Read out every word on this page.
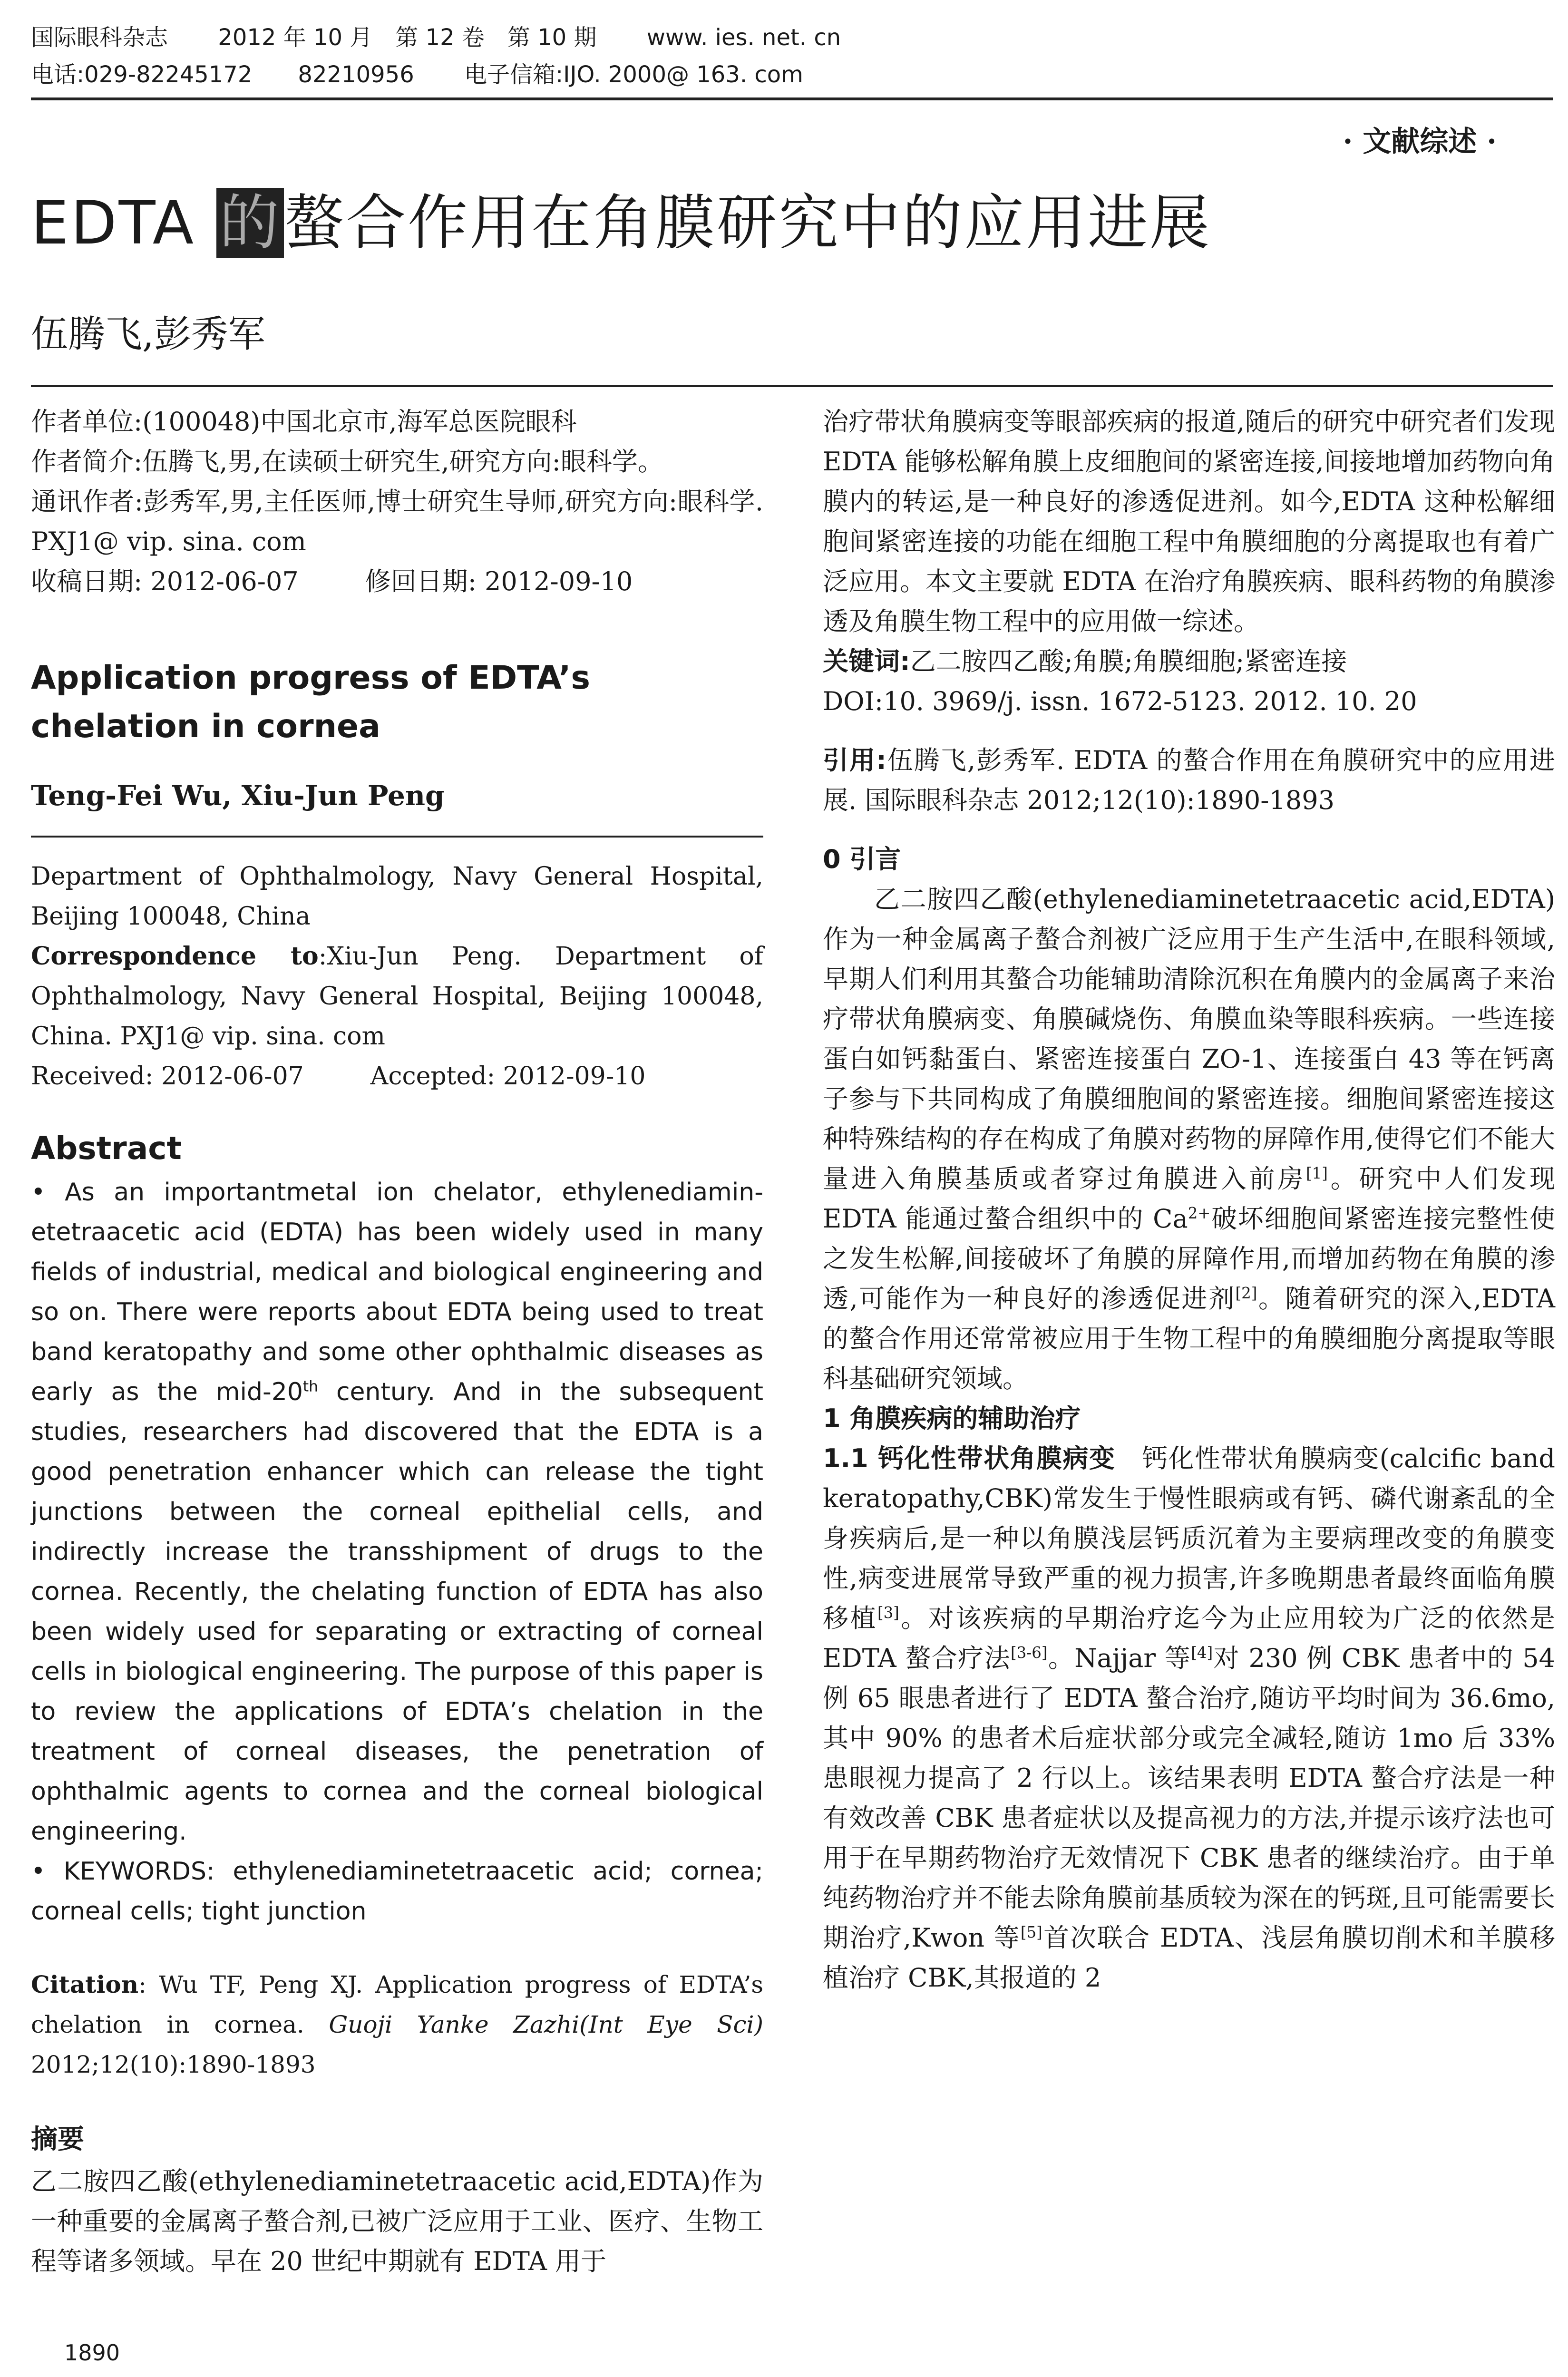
国际眼科杂志 2012 年 10 月　第 12 卷　第 10 期 www. ies. net. cn
电话:029-82245172　　82210956 电子信箱:IJO. 2000@ 163. com
· 文献综述 ·
EDTA 的螯合作用在角膜研究中的应用进展
伍腾飞,彭秀军

作者单位:(100048)中国北京市,海军总医院眼科

作者简介:伍腾飞,男,在读硕士研究生,研究方向:眼科学。

通讯作者:彭秀军,男,主任医师,博士研究生导师,研究方向:眼科学. PXJ1@ vip. sina. com

收稿日期: 2012-06-07	修回日期: 2012-09-10

Application progress of EDTA’s chelation in cornea

Teng-Fei Wu, Xiu-Jun Peng

Department of Ophthalmology, Navy General Hospital, Beijing 100048, China

Correspondence to:Xiu-Jun Peng. Department of Ophthalmology, Navy General Hospital, Beijing 100048, China. PXJ1@ vip. sina. com

Received: 2012-06-07	Accepted: 2012-09-10

Abstract

• As an importantmetal ion chelator, ethylenediamin-etetraacetic acid (EDTA) has been widely used in many fields of industrial, medical and biological engineering and so on. There were reports about EDTA being used to treat band keratopathy and some other ophthalmic diseases as early as the mid-20th century. And in the subsequent studies, researchers had discovered that the EDTA is a good penetration enhancer which can release the tight junctions between the corneal epithelial cells, and indirectly increase the transshipment of drugs to the cornea. Recently, the chelating function of EDTA has also been widely used for separating or extracting of corneal cells in biological engineering. The purpose of this paper is to review the applications of EDTA’s chelation in the treatment of corneal diseases, the penetration of ophthalmic agents to cornea and the corneal biological engineering.

• KEYWORDS: ethylenediaminetetraacetic acid; cornea; corneal cells; tight junction

Citation: Wu TF, Peng XJ. Application progress of EDTA’s chelation in cornea. Guoji Yanke Zazhi(Int Eye Sci) 2012;12(10):1890-1893

摘要

乙二胺四乙酸(ethylenediaminetetraacetic acid,EDTA)作为一种重要的金属离子螯合剂,已被广泛应用于工业、医疗、生物工程等诸多领域。早在 20 世纪中期就有 EDTA 用于

治疗带状角膜病变等眼部疾病的报道,随后的研究中研究者们发现 EDTA 能够松解角膜上皮细胞间的紧密连接,间接地增加药物向角膜内的转运,是一种良好的渗透促进剂。如今,EDTA 这种松解细胞间紧密连接的功能在细胞工程中角膜细胞的分离提取也有着广泛应用。本文主要就 EDTA 在治疗角膜疾病、眼科药物的角膜渗透及角膜生物工程中的应用做一综述。

关键词:乙二胺四乙酸;角膜;角膜细胞;紧密连接

DOI:10. 3969/j. issn. 1672-5123. 2012. 10. 20

引用:伍腾飞,彭秀军. EDTA 的螯合作用在角膜研究中的应用进展. 国际眼科杂志 2012;12(10):1890-1893

0 引言

乙二胺四乙酸(ethylenediaminetetraacetic acid,EDTA)作为一种金属离子螯合剂被广泛应用于生产生活中,在眼科领域,早期人们利用其螯合功能辅助清除沉积在角膜内的金属离子来治疗带状角膜病变、角膜碱烧伤、角膜血染等眼科疾病。一些连接蛋白如钙黏蛋白、紧密连接蛋白 ZO-1、连接蛋白 43 等在钙离子参与下共同构成了角膜细胞间的紧密连接。细胞间紧密连接这种特殊结构的存在构成了角膜对药物的屏障作用,使得它们不能大量进入角膜基质或者穿过角膜进入前房[1]。研究中人们发现 EDTA 能通过螯合组织中的 $Ca^{2+}$破坏细胞间紧密连接完整性使之发生松解,间接破坏了角膜的屏障作用,而增加药物在角膜的渗透,可能作为一种良好的渗透促进剂[2]。随着研究的深入,EDTA 的螯合作用还常常被应用于生物工程中的角膜细胞分离提取等眼科基础研究领域。

1 角膜疾病的辅助治疗

1.1 钙化性带状角膜病变　钙化性带状角膜病变(calcific band keratopathy,CBK)常发生于慢性眼病或有钙、磷代谢紊乱的全身疾病后,是一种以角膜浅层钙质沉着为主要病理改变的角膜变性,病变进展常导致严重的视力损害,许多晚期患者最终面临角膜移植[3]。对该疾病的早期治疗迄今为止应用较为广泛的依然是 EDTA 螯合疗法[3-6]。Najjar 等[4]对 230 例 CBK 患者中的 54 例 65 眼患者进行了 EDTA 螯合治疗,随访平均时间为 36.6mo,其中 90% 的患者术后症状部分或完全减轻,随访 1mo 后 33% 患眼视力提高了 2 行以上。该结果表明 EDTA 螯合疗法是一种有效改善 CBK 患者症状以及提高视力的方法,并提示该疗法也可用于在早期药物治疗无效情况下 CBK 患者的继续治疗。由于单纯药物治疗并不能去除角膜前基质较为深在的钙斑,且可能需要长期治疗,Kwon 等[5]首次联合 EDTA、浅层角膜切削术和羊膜移植治疗 CBK,其报道的 2

1890
